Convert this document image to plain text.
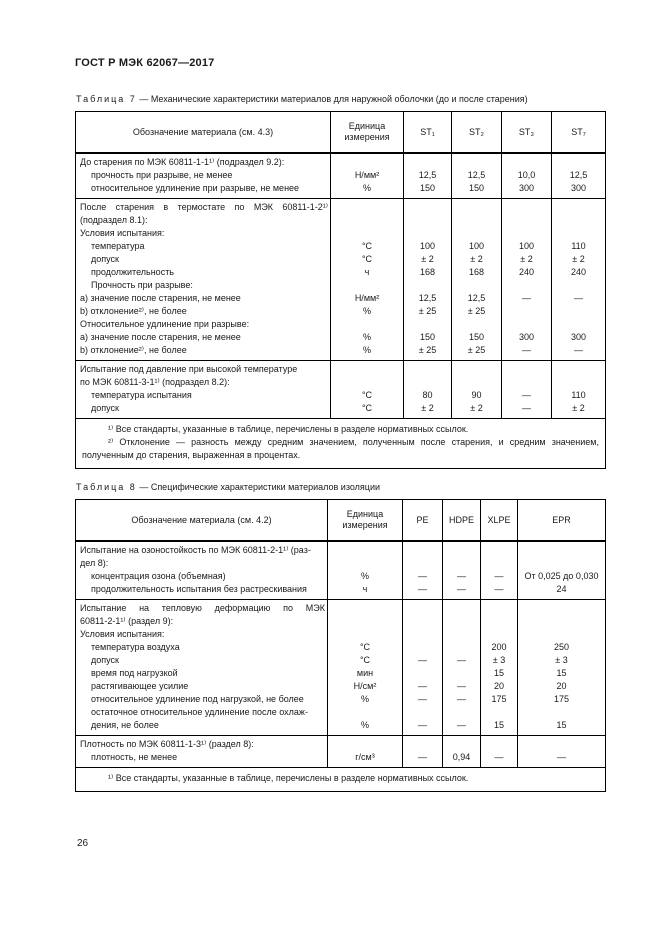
ГОСТ Р МЭК 62067—2017

Таблица 7 — Механические характеристики материалов для наружной оболочки (до и после старения)

Обозначение материала (см. 4.3)	Единица измерения	ST₁	ST₂	ST₃	ST₇
До старения по МЭК 60811-1-1¹⁾ (подраздел 9.2):					
прочность при разрыве, не менее	Н/мм²	12,5	12,5	10,0	12,5
относительное удлинение при разрыве, не менее	%	150	150	300	300
После старения в термостате по МЭК 60811-1-2¹⁾					
(подраздел 8.1):					
Условия испытания:					
температура	°С	100	100	100	110
допуск	°С	± 2	± 2	± 2	± 2
продолжительность	ч	168	168	240	240
Прочность при разрыве:					
a) значение после старения, не менее	Н/мм²	12,5	12,5	—	—
b) отклонение²⁾, не более	%	± 25	± 25		
Относительное удлинение при разрыве:					
a) значение после старения, не менее	%	150	150	300	300
b) отклонение²⁾, не более	%	± 25	± 25	—	—
Испытание под давление при высокой температуре					
по МЭК 60811-3-1¹⁾ (подраздел 8.2):					
температура испытания	°С	80	90	—	110
допуск	°С	± 2	± 2	—	± 2

¹⁾ Все стандарты, указанные в таблице, перечислены в разделе нормативных ссылок.

²⁾ Отклонение — разность между средним значением, полученным после старения, и средним значением, полученным до старения, выраженная в процентах.					

Таблица 8 — Специфические характеристики материалов изоляции

Обозначение материала (см. 4.2)	Единица измерения	PE	HDPE	XLPE	EPR
Испытание на озоностойкость по МЭК 60811-2-1¹⁾ (раз-					
дел 8):					
концентрация озона (объемная)	%	—	—	—	От 0,025 до 0,030
продолжительность испытания без растрескивания	ч	—	—	—	24
Испытание на тепловую деформацию по МЭК					
60811-2-1¹⁾ (раздел 9):					
Условия испытания:					
температура воздуха	°С			200	250
допуск	°С	—	—	± 3	± 3
время под нагрузкой	мин			15	15
растягивающее усилие	Н/см²	—	—	20	20
относительное удлинение под нагрузкой, не более	%	—	—	175	175
остаточное относительное удлинение после охлаж-					
дения, не более	%	—	—	15	15
Плотность по МЭК 60811-1-3¹⁾ (раздел 8):					
плотность, не менее	г/см³	—	0,94	—	—

¹⁾ Все стандарты, указанные в таблице, перечислены в разделе нормативных ссылок.					

26
